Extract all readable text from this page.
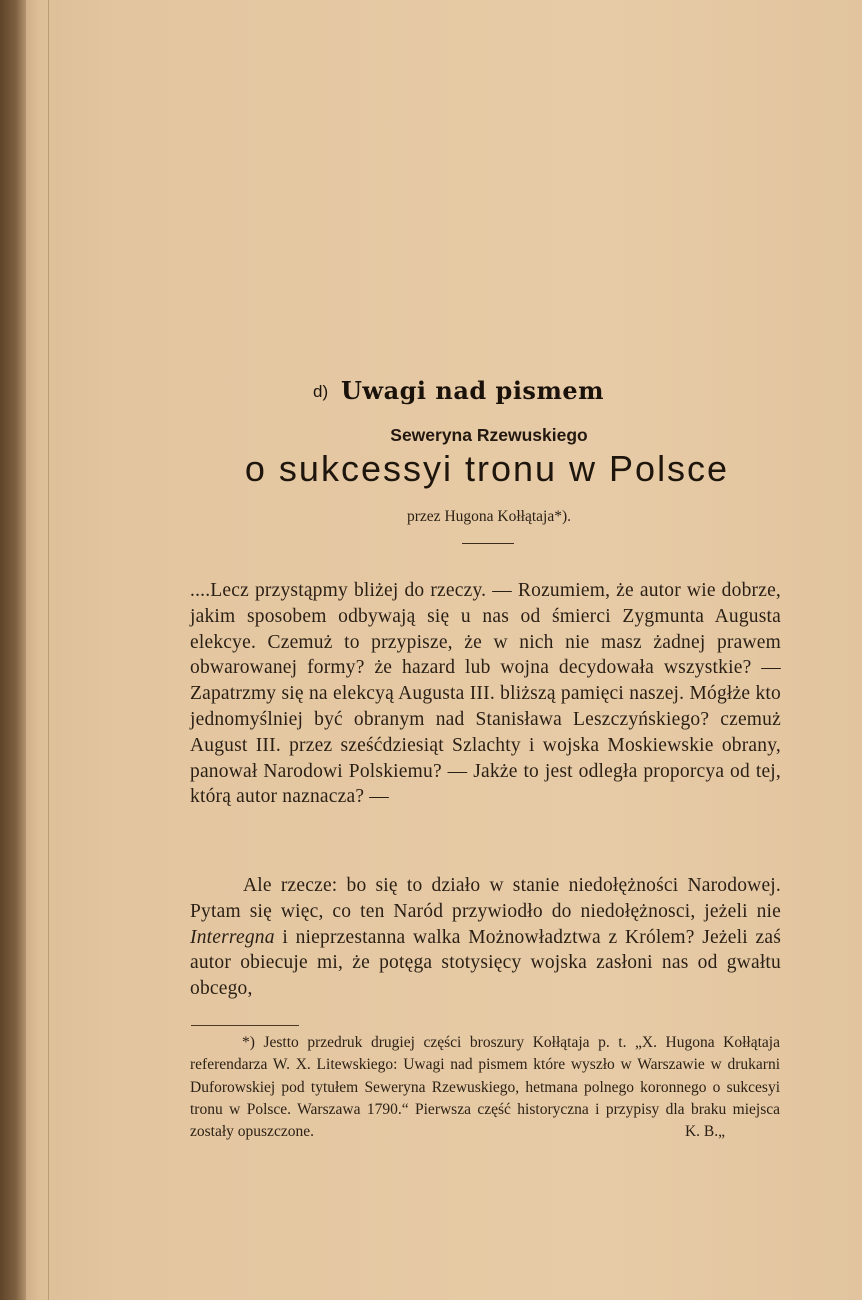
d) Uwagi nad pismem
Seweryna Rzewuskiego
o sukcessyi tronu w Polsce
przez Hugona Kołłątaja*).
....Lecz przystąpmy bliżej do rzeczy. — Rozumiem, że autor wie dobrze, jakim sposobem odbywają się u nas od śmierci Zygmunta Augusta elekcye. Czemuż to przypisze, że w nich nie masz żadnej prawem obwarowanej formy? że hazard lub wojna decydowała wszystkie? — Zapatrzmy się na elekcyą Augusta III. bliższą pamięci naszej. Mógłże kto jednomyślniej być obranym nad Stanisława Leszczyńskiego? czemuż August III. przez sześćdziesiąt Szlachty i wojska Moskiewskie obrany, panował Narodowi Polskiemu? — Jakże to jest odległa proporcya od tej, którą autor naznacza? —
Ale rzecze: bo się to działo w stanie niedołężności Narodowej. Pytam się więc, co ten Naród przywiodło do niedołężnosci, jeżeli nie Interregna i nieprzestanna walka Możnowładztwa z Królem? Jeżeli zaś autor obiecuje mi, że potęga stotysięcy wojska zasłoni nas od gwałtu obcego,
*) Jestto przedruk drugiej części broszury Kołłątaja p. t. „X. Hugona Kołłątaja referendarza W. X. Litewskiego: Uwagi nad pismem które wyszło w Warszawie w drukarni Duforowskiej pod tytułem Seweryna Rzewuskiego, hetmana polnego koronnego o sukcesyi tronu w Polsce. Warszawa 1790.“ Pierwsza część historyczna i przypisy dla braku miejsca zostały opuszczone.	K. B.„
